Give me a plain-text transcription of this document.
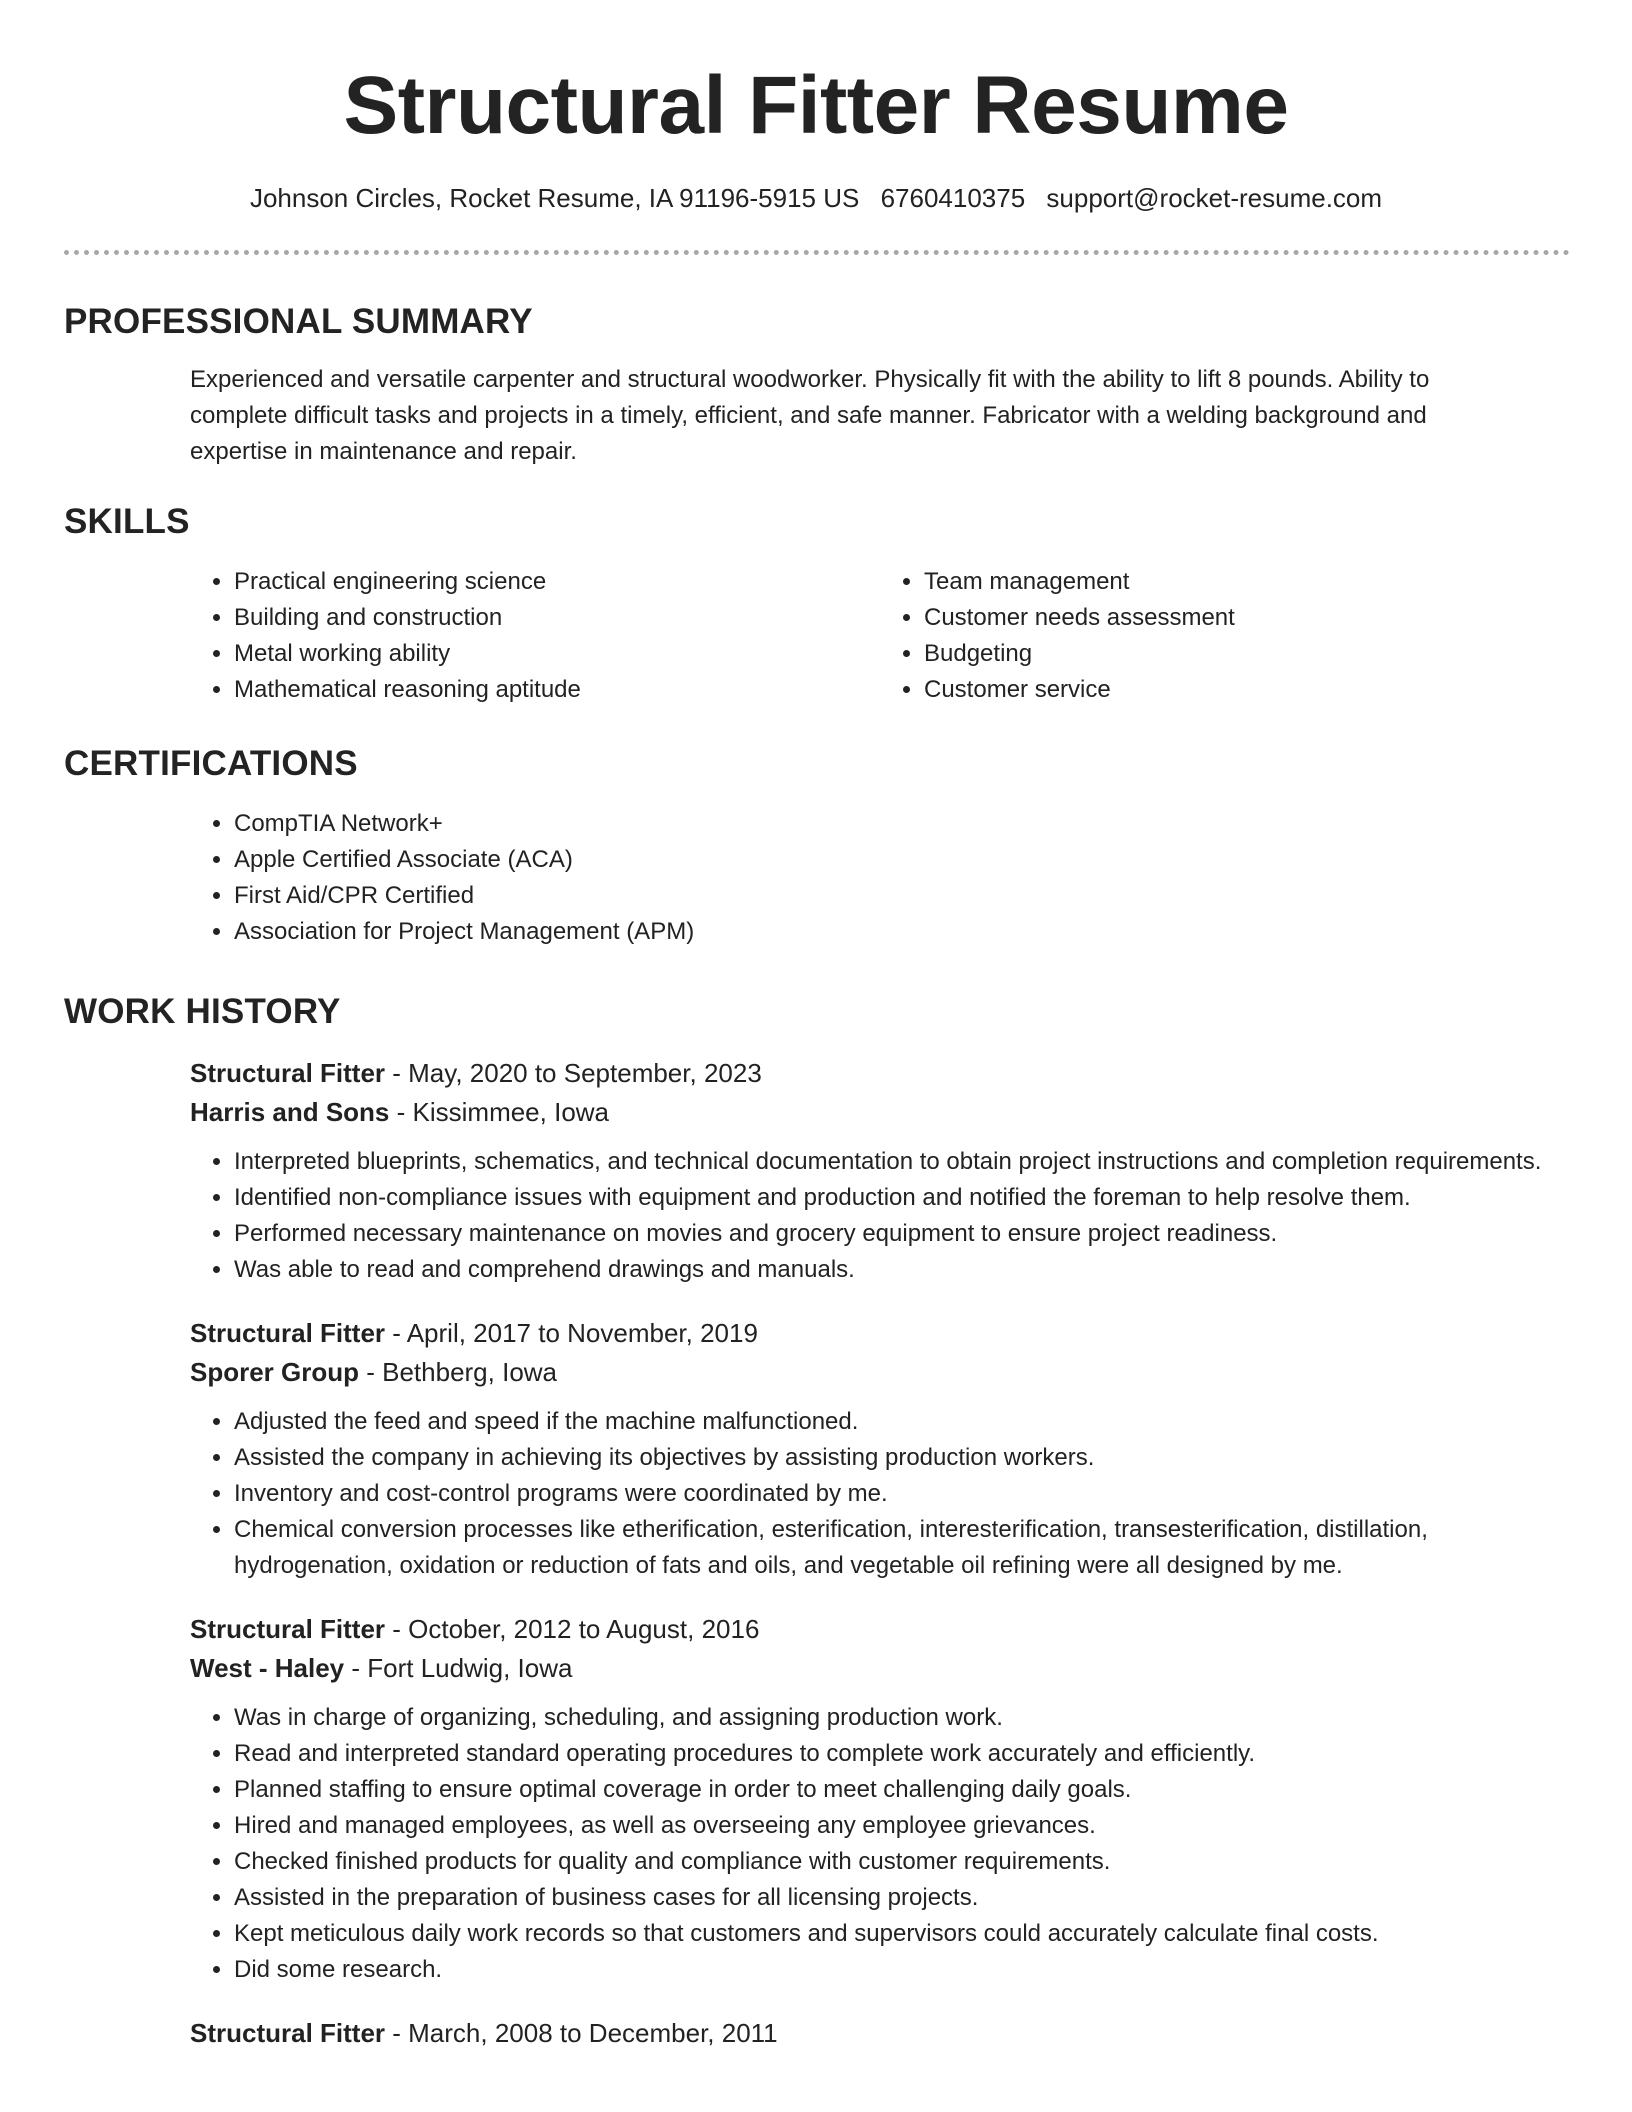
Structural Fitter Resume
Johnson Circles, Rocket Resume, IA 91196-5915 US 6760410375 support@rocket-resume.com
PROFESSIONAL SUMMARY

Experienced and versatile carpenter and structural woodworker. Physically fit with the ability to lift 8 pounds. Ability to complete difficult tasks and projects in a timely, efficient, and safe manner. Fabricator with a welding background and expertise in maintenance and repair.

SKILLS
• Practical engineering science
• Building and construction
• Metal working ability
• Mathematical reasoning aptitude
• Team management
• Customer needs assessment
• Budgeting
• Customer service
CERTIFICATIONS
• CompTIA Network+
• Apple Certified Associate (ACA)
• First Aid/CPR Certified
• Association for Project Management (APM)
WORK HISTORY
Structural Fitter - May, 2020 to September, 2023
Harris and Sons - Kissimmee, Iowa
• Interpreted blueprints, schematics, and technical documentation to obtain project instructions and completion requirements.
• Identified non-compliance issues with equipment and production and notified the foreman to help resolve them.
• Performed necessary maintenance on movies and grocery equipment to ensure project readiness.
• Was able to read and comprehend drawings and manuals.
Structural Fitter - April, 2017 to November, 2019
Sporer Group - Bethberg, Iowa
• Adjusted the feed and speed if the machine malfunctioned.
• Assisted the company in achieving its objectives by assisting production workers.
• Inventory and cost-control programs were coordinated by me.
• Chemical conversion processes like etherification, esterification, interesterification, transesterification, distillation, hydrogenation, oxidation or reduction of fats and oils, and vegetable oil refining were all designed by me.
Structural Fitter - October, 2012 to August, 2016
West - Haley - Fort Ludwig, Iowa
• Was in charge of organizing, scheduling, and assigning production work.
• Read and interpreted standard operating procedures to complete work accurately and efficiently.
• Planned staffing to ensure optimal coverage in order to meet challenging daily goals.
• Hired and managed employees, as well as overseeing any employee grievances.
• Checked finished products for quality and compliance with customer requirements.
• Assisted in the preparation of business cases for all licensing projects.
• Kept meticulous daily work records so that customers and supervisors could accurately calculate final costs.
• Did some research.
Structural Fitter - March, 2008 to December, 2011
